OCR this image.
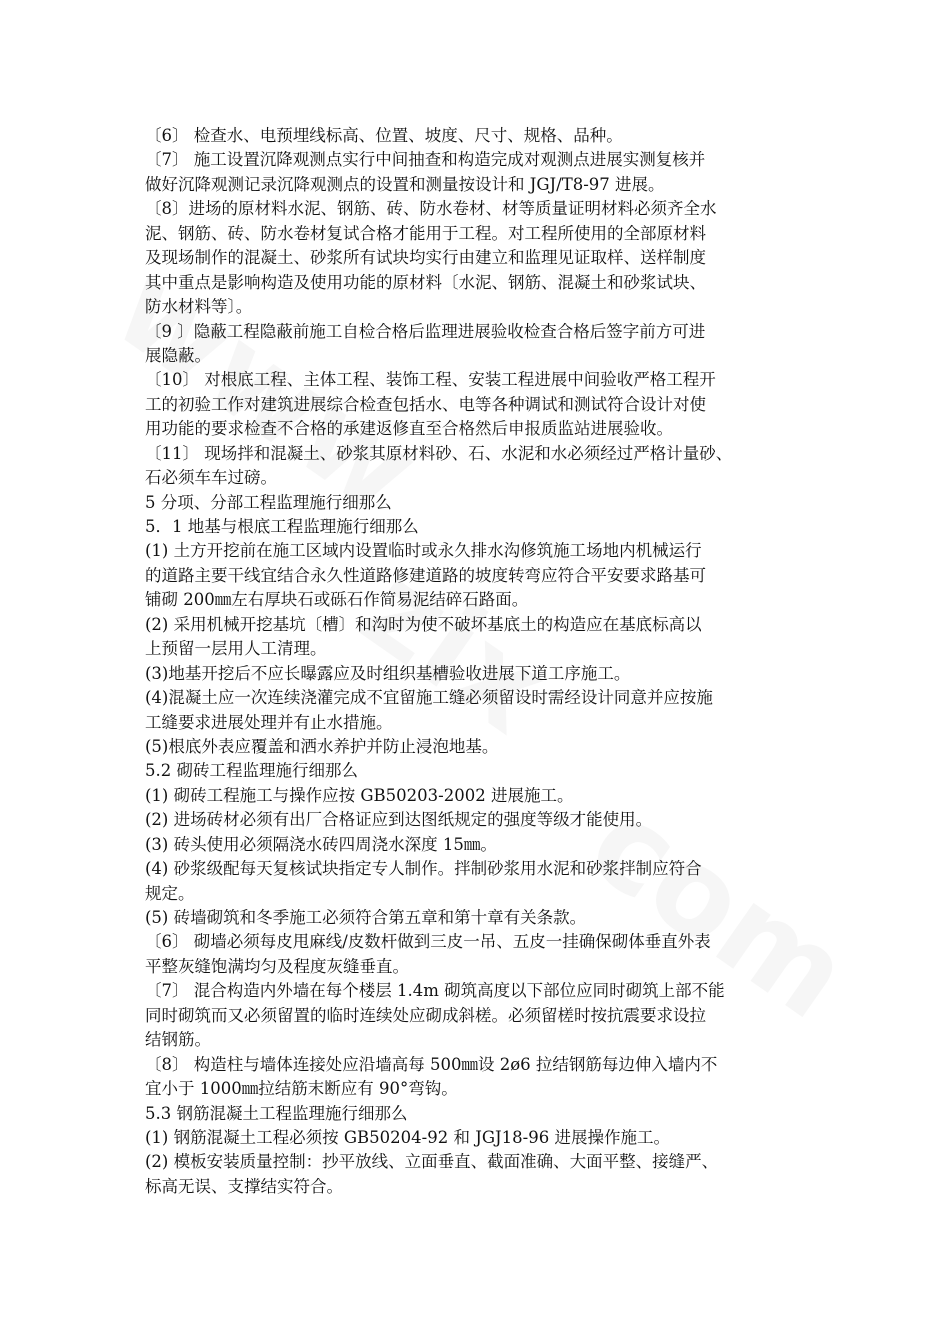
〔6〕 检查水、电预埋线标高、位置、坡度、尺寸、规格、品种。
〔7〕 施工设置沉降观测点实行中间抽查和构造完成对观测点进展实测复核并
做好沉降观测记录沉降观测点的设置和测量按设计和 JGJ/T8-97 进展。
〔8〕进场的原材料水泥、钢筋、砖、防水卷材、材等质量证明材料必须齐全水
泥、钢筋、砖、防水卷材复试合格才能用于工程。对工程所使用的全部原材料
及现场制作的混凝土、砂浆所有试块均实行由建立和监理见证取样、送样制度
其中重点是影响构造及使用功能的原材料〔水泥、钢筋、混凝土和砂浆试块、
防水材料等〕。
〔9 〕隐蔽工程隐蔽前施工自检合格后监理进展验收检查合格后签字前方可进
展隐蔽。
〔10〕 对根底工程、主体工程、装饰工程、安装工程进展中间验收严格工程开
工的初验工作对建筑进展综合检查包括水、电等各种调试和测试符合设计对使
用功能的要求检查不合格的承建返修直至合格然后申报质监站进展验收。
〔11〕 现场拌和混凝土、砂浆其原材料砂、石、水泥和水必须经过严格计量砂、
石必须车车过磅。
5 分项、分部工程监理施行细那么
5．1 地基与根底工程监理施行细那么
(1) 土方开挖前在施工区域内设置临时或永久排水沟修筑施工场地内机械运行
的道路主要干线宜结合永久性道路修建道路的坡度转弯应符合平安要求路基可
铺砌 200㎜左右厚块石或砾石作简易泥结碎石路面。
(2) 采用机械开挖基坑〔槽〕和沟时为使不破坏基底土的构造应在基底标高以
上预留一层用人工清理。
(3)地基开挖后不应长曝露应及时组织基槽验收进展下道工序施工。
(4)混凝土应一次连续浇灌完成不宜留施工缝必须留设时需经设计同意并应按施
工缝要求进展处理并有止水措施。
(5)根底外表应覆盖和洒水养护并防止浸泡地基。
5.2 砌砖工程监理施行细那么
(1) 砌砖工程施工与操作应按 GB50203-2002 进展施工。
(2) 进场砖材必须有出厂合格证应到达图纸规定的强度等级才能使用。
(3) 砖头使用必须隔浇水砖四周浇水深度 15㎜。
(4) 砂浆级配每天复核试块指定专人制作。拌制砂浆用水泥和砂浆拌制应符合
规定。
(5) 砖墙砌筑和冬季施工必须符合第五章和第十章有关条款。
〔6〕 砌墙必须每皮甩麻线/皮数杆做到三皮一吊、五皮一挂确保砌体垂直外表
平整灰缝饱满均匀及程度灰缝垂直。
〔7〕 混合构造内外墙在每个楼层 1.4m 砌筑高度以下部位应同时砌筑上部不能
同时砌筑而又必须留置的临时连续处应砌成斜槎。必须留槎时按抗震要求设拉
结钢筋。
〔8〕 构造柱与墙体连接处应沿墙高每 500㎜设 2ø6 拉结钢筋每边伸入墙内不
宜小于 1000㎜拉结筋末断应有 90°弯钩。
5.3 钢筋混凝土工程监理施行细那么
(1) 钢筋混凝土工程必须按 GB50204-92 和 JGJ18-96 进展操作施工。
(2) 模板安装质量控制：抄平放线、立面垂直、截面准确、大面平整、接缝严、
标高无误、支撑结实符合。
